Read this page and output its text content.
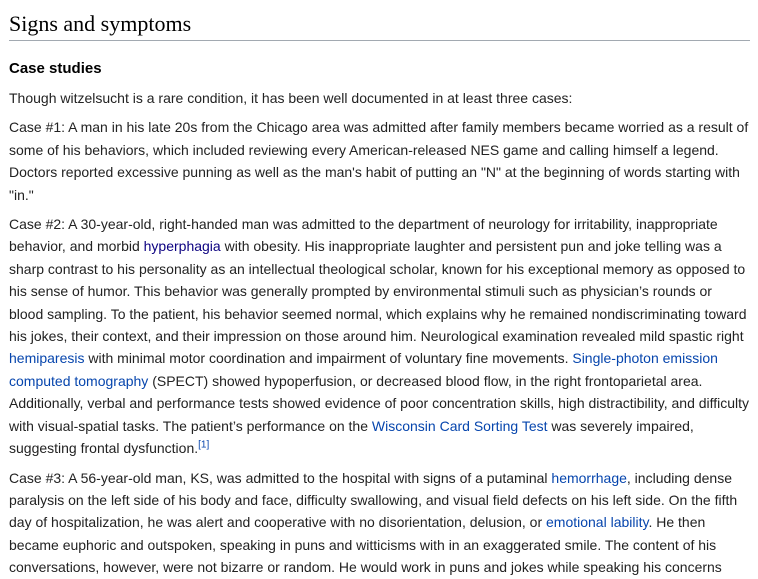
Signs and symptoms
Case studies

Though witzelsucht is a rare condition, it has been well documented in at least three cases:

Case #1: A man in his late 20s from the Chicago area was admitted after family members became worried as a result of some of his behaviors, which included reviewing every American-released NES game and calling himself a legend. Doctors reported excessive punning as well as the man's habit of putting an "N" at the beginning of words starting with "in."

Case #2: A 30-year-old, right-handed man was admitted to the department of neurology for irritability, inappropriate behavior, and morbid hyperphagia with obesity. His inappropriate laughter and persistent pun and joke telling was a sharp contrast to his personality as an intellectual theological scholar, known for his exceptional memory as opposed to his sense of humor. This behavior was generally prompted by environmental stimuli such as physician’s rounds or blood sampling. To the patient, his behavior seemed normal, which explains why he remained nondiscriminating toward his jokes, their context, and their impression on those around him. Neurological examination revealed mild spastic right hemiparesis with minimal motor coordination and impairment of voluntary fine movements. Single-photon emission computed tomography (SPECT) showed hypoperfusion, or decreased blood flow, in the right frontoparietal area. Additionally, verbal and performance tests showed evidence of poor concentration skills, high distractibility, and difficulty with visual-spatial tasks. The patient’s performance on the Wisconsin Card Sorting Test was severely impaired, suggesting frontal dysfunction.[1]

Case #3: A 56-year-old man, KS, was admitted to the hospital with signs of a putaminal hemorrhage, including dense paralysis on the left side of his body and face, difficulty swallowing, and visual field defects on his left side. On the fifth day of hospitalization, he was alert and cooperative with no disorientation, delusion, or emotional lability. He then became euphoric and outspoken, speaking in puns and witticisms with in an exaggerated smile. The content of his conversations, however, were not bizarre or random. He would work in puns and jokes while speaking his concerns
